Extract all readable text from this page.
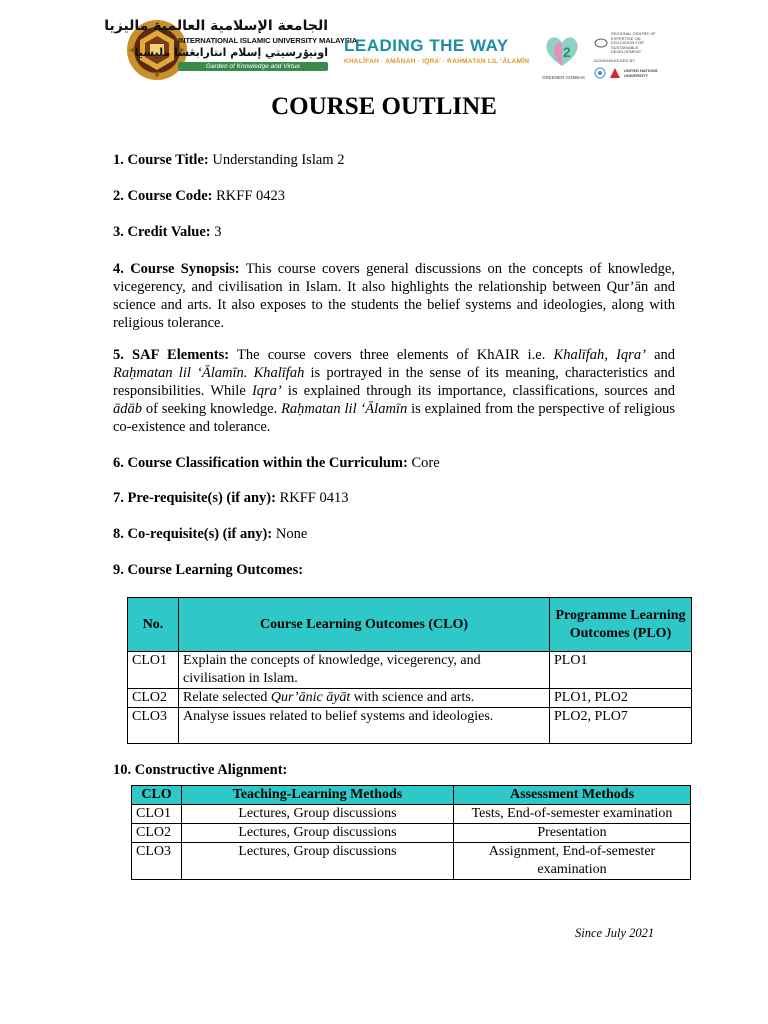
الجامعة الإسلامية العالمية ماليزيا
INTERNATIONAL ISLAMIC UNIVERSITY MALAYSIA
اونيۏرسيتي إسلام انتارابڠسا مليسيا
Garden of Knowledge and Virtue
LEADING THE WAY
KHALĪFAH · AMĀNAH · IQRA’ · RAHMATAN LIL ‘ĀLAMĪN
2
GREENER GOMBAK
REGIONAL CENTRE OF EXPERTISE ON EDUCATION FOR SUSTAINABLE DEVELOPMENT
ACKNOWLEDGED BY
UNITED NATIONS UNIVERSITY
COURSE OUTLINE
1. Course Title: Understanding Islam 2
2. Course Code: RKFF 0423
3. Credit Value: 3
4. Course Synopsis: This course covers general discussions on the concepts of knowledge, vicegerency, and civilisation in Islam. It also highlights the relationship between Qur’ān and science and arts. It also exposes to the students the belief systems and ideologies, along with religious tolerance.
5. SAF Elements: The course covers three elements of KhAIR i.e. Khalīfah, Iqra’ and Raḥmatan lil ‘Ālamīn. Khalīfah is portrayed in the sense of its meaning, characteristics and responsibilities. While Iqra’ is explained through its importance, classifications, sources and ādāb of seeking knowledge. Raḥmatan lil ‘Ālamīn is explained from the perspective of religious co-existence and tolerance.
6. Course Classification within the Curriculum: Core
7. Pre-requisite(s) (if any): RKFF 0413
8. Co-requisite(s) (if any): None
9. Course Learning Outcomes:
No.	Course Learning Outcomes (CLO)	Programme Learning Outcomes (PLO)
CLO1	Explain the concepts of knowledge, vicegerency, and civilisation in Islam.	PLO1
CLO2	Relate selected Qur’ānic āyāt with science and arts.	PLO1, PLO2
CLO3	Analyse issues related to belief systems and ideologies.	PLO2, PLO7
10. Constructive Alignment:
CLO	Teaching-Learning Methods	Assessment Methods
CLO1	Lectures, Group discussions	Tests, End-of-semester examination
CLO2	Lectures, Group discussions	Presentation
CLO3	Lectures, Group discussions	Assignment, End-of-semester examination
Since July 2021
